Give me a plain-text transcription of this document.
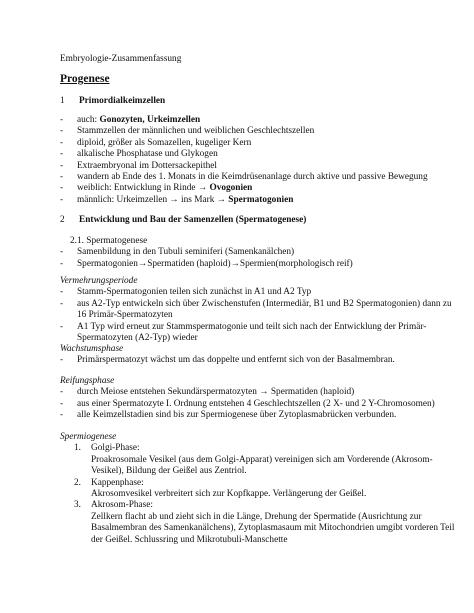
Embryologie-Zusammenfassung
Progenese
1 Primordialkeimzellen
- auch: Gonozyten, Urkeimzellen
- Stammzellen der männlichen und weiblichen Geschlechtszellen
- diploid, größer als Somazellen, kugeliger Kern
- alkalische Phosphatase und Glykogen
- Extraembryonal im Dottersackepithel
- wandern ab Ende des 1. Monats in die Keimdrüsenanlage durch aktive und passive Bewegung
- weiblich: Entwicklung in Rinde → Ovogonien
- männlich: Urkeimzellen → ins Mark → Spermatogonien
2 Entwicklung und Bau der Samenzellen (Spermatogenese)

2.1. Spermatogenese

- Samenbildung in den Tubuli seminiferi (Samenkanälchen)
- Spermatogonien→Spermatiden (haploid)→Spermien(morphologisch reif)

Vermehrungsperiode

- Stamm-Spermatogonien teilen sich zunächst in A1 und A2 Typ
- aus A2-Typ entwickeln sich über Zwischenstufen (Intermediär, B1 und B2 Spermatogonien) dann zu 16 Primär-Spermatozyten
- A1 Typ wird erneut zur Stammspermatogonie und teilt sich nach der Entwicklung der Primär-Spermatozyten (A2-Typ) wieder

Wachstumsphase

- Primärspermatozyt wächst um das doppelte und entfernt sich von der Basalmembran.

Reifungsphase

- durch Meiose entstehen Sekundärspermatozyten → Spermatiden (haploid)
- aus einer Spermatozyte I. Ordnung entstehen 4 Geschlechtszellen (2 X- und 2 Y-Chromosomen)
- alle Keimzellstadien sind bis zur Spermiogenese über Zytoplasmabrücken verbunden.

Spermiogenese

1. Golgi-Phase:
Proakrosomale Vesikel (aus dem Golgi-Apparat) vereinigen sich am Vorderende (Akrosom-Vesikel), Bildung der Geißel aus Zentriol.
2. Kappenphase:
Akrosomvesikel verbreitert sich zur Kopfkappe. Verlängerung der Geißel.
3. Akrosom-Phase:
Zellkern flacht ab und zieht sich in die Länge, Drehung der Spermatide (Ausrichtung zur Basalmembran des Samenkanälchens), Zytoplasmasaum mit Mitochondrien umgibt vorderen Teil der Geißel. Schlussring und Mikrotubuli-Manschette
